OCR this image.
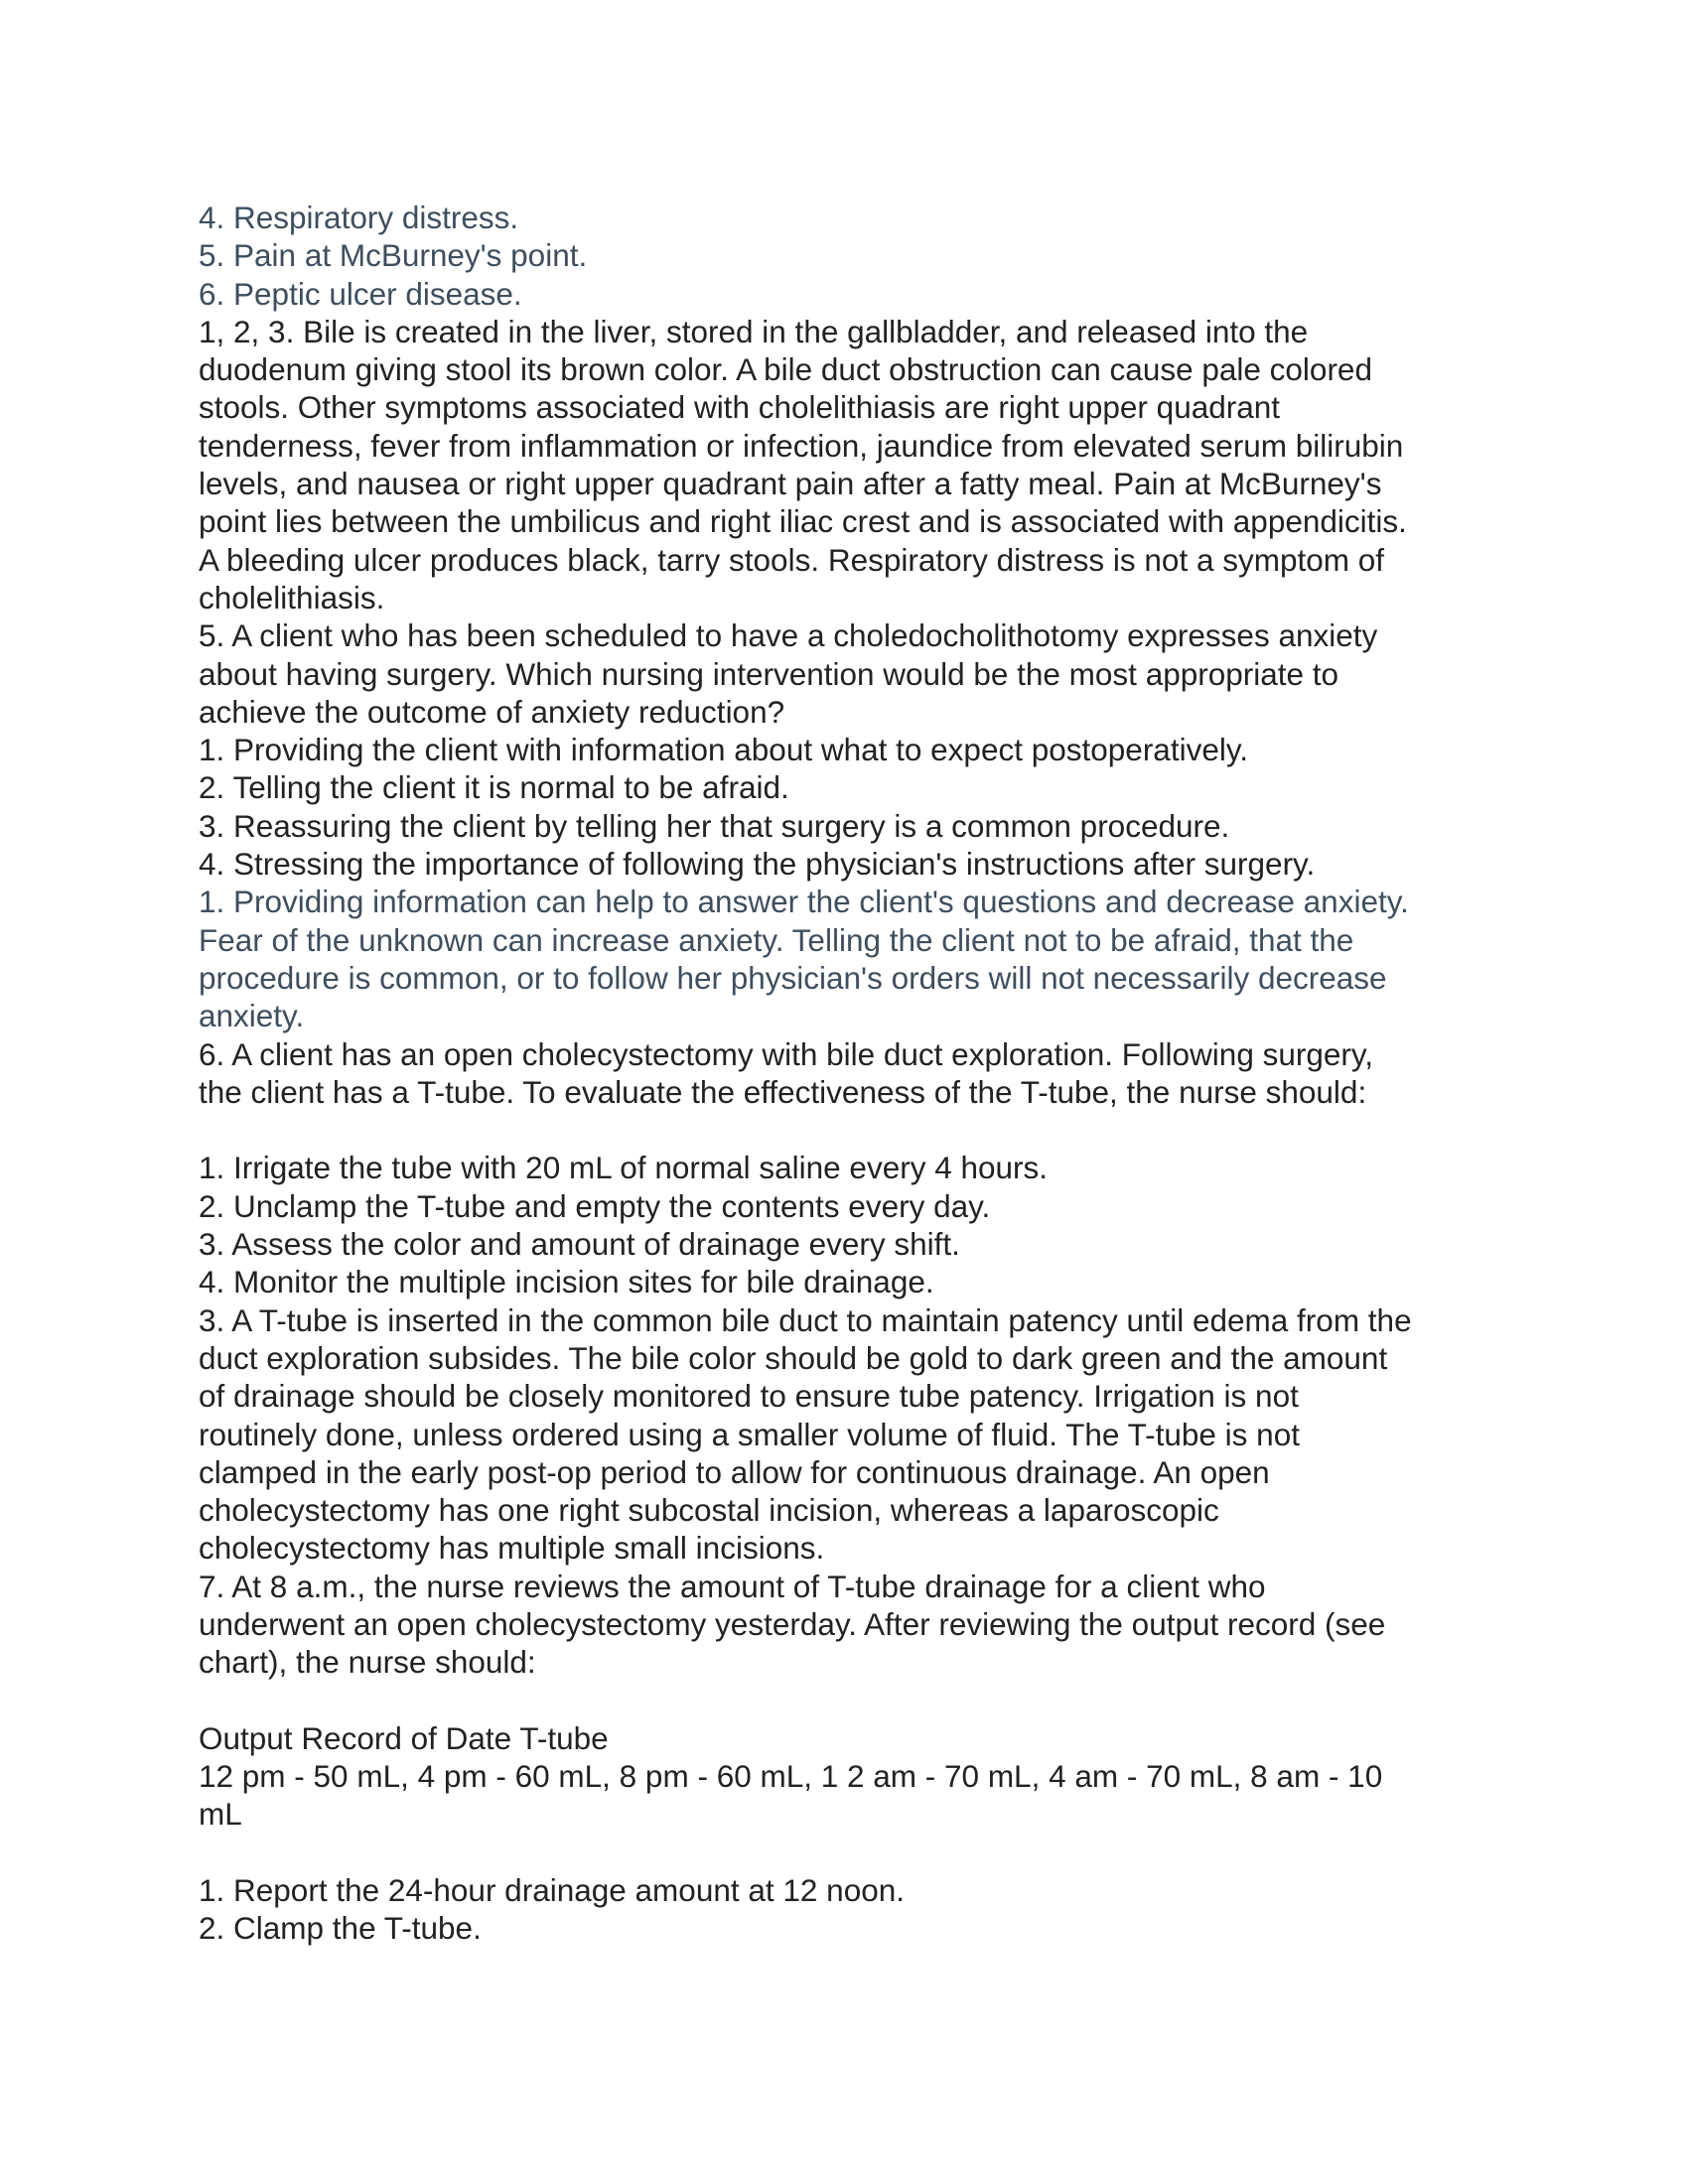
4. Respiratory distress.
5. Pain at McBurney's point.
6. Peptic ulcer disease.
1, 2, 3. Bile is created in the liver, stored in the gallbladder, and released into the
duodenum giving stool its brown color. A bile duct obstruction can cause pale colored
stools. Other symptoms associated with cholelithiasis are right upper quadrant
tenderness, fever from inflammation or infection, jaundice from elevated serum bilirubin
levels, and nausea or right upper quadrant pain after a fatty meal. Pain at McBurney's
point lies between the umbilicus and right iliac crest and is associated with appendicitis.
A bleeding ulcer produces black, tarry stools. Respiratory distress is not a symptom of
cholelithiasis.
5. A client who has been scheduled to have a choledocholithotomy expresses anxiety
about having surgery. Which nursing intervention would be the most appropriate to
achieve the outcome of anxiety reduction?
1. Providing the client with information about what to expect postoperatively.
2. Telling the client it is normal to be afraid.
3. Reassuring the client by telling her that surgery is a common procedure.
4. Stressing the importance of following the physician's instructions after surgery.
1. Providing information can help to answer the client's questions and decrease anxiety.
Fear of the unknown can increase anxiety. Telling the client not to be afraid, that the
procedure is common, or to follow her physician's orders will not necessarily decrease
anxiety.
6. A client has an open cholecystectomy with bile duct exploration. Following surgery,
the client has a T-tube. To evaluate the effectiveness of the T-tube, the nurse should:
1. Irrigate the tube with 20 mL of normal saline every 4 hours.
2. Unclamp the T-tube and empty the contents every day.
3. Assess the color and amount of drainage every shift.
4. Monitor the multiple incision sites for bile drainage.
3. A T-tube is inserted in the common bile duct to maintain patency until edema from the
duct exploration subsides. The bile color should be gold to dark green and the amount
of drainage should be closely monitored to ensure tube patency. Irrigation is not
routinely done, unless ordered using a smaller volume of fluid. The T-tube is not
clamped in the early post-op period to allow for continuous drainage. An open
cholecystectomy has one right subcostal incision, whereas a laparoscopic
cholecystectomy has multiple small incisions.
7. At 8 a.m., the nurse reviews the amount of T-tube drainage for a client who
underwent an open cholecystectomy yesterday. After reviewing the output record (see
chart), the nurse should:
Output Record of Date T-tube
12 pm - 50 mL, 4 pm - 60 mL, 8 pm - 60 mL, 1 2 am - 70 mL, 4 am - 70 mL, 8 am - 10
mL
1. Report the 24-hour drainage amount at 12 noon.
2. Clamp the T-tube.
